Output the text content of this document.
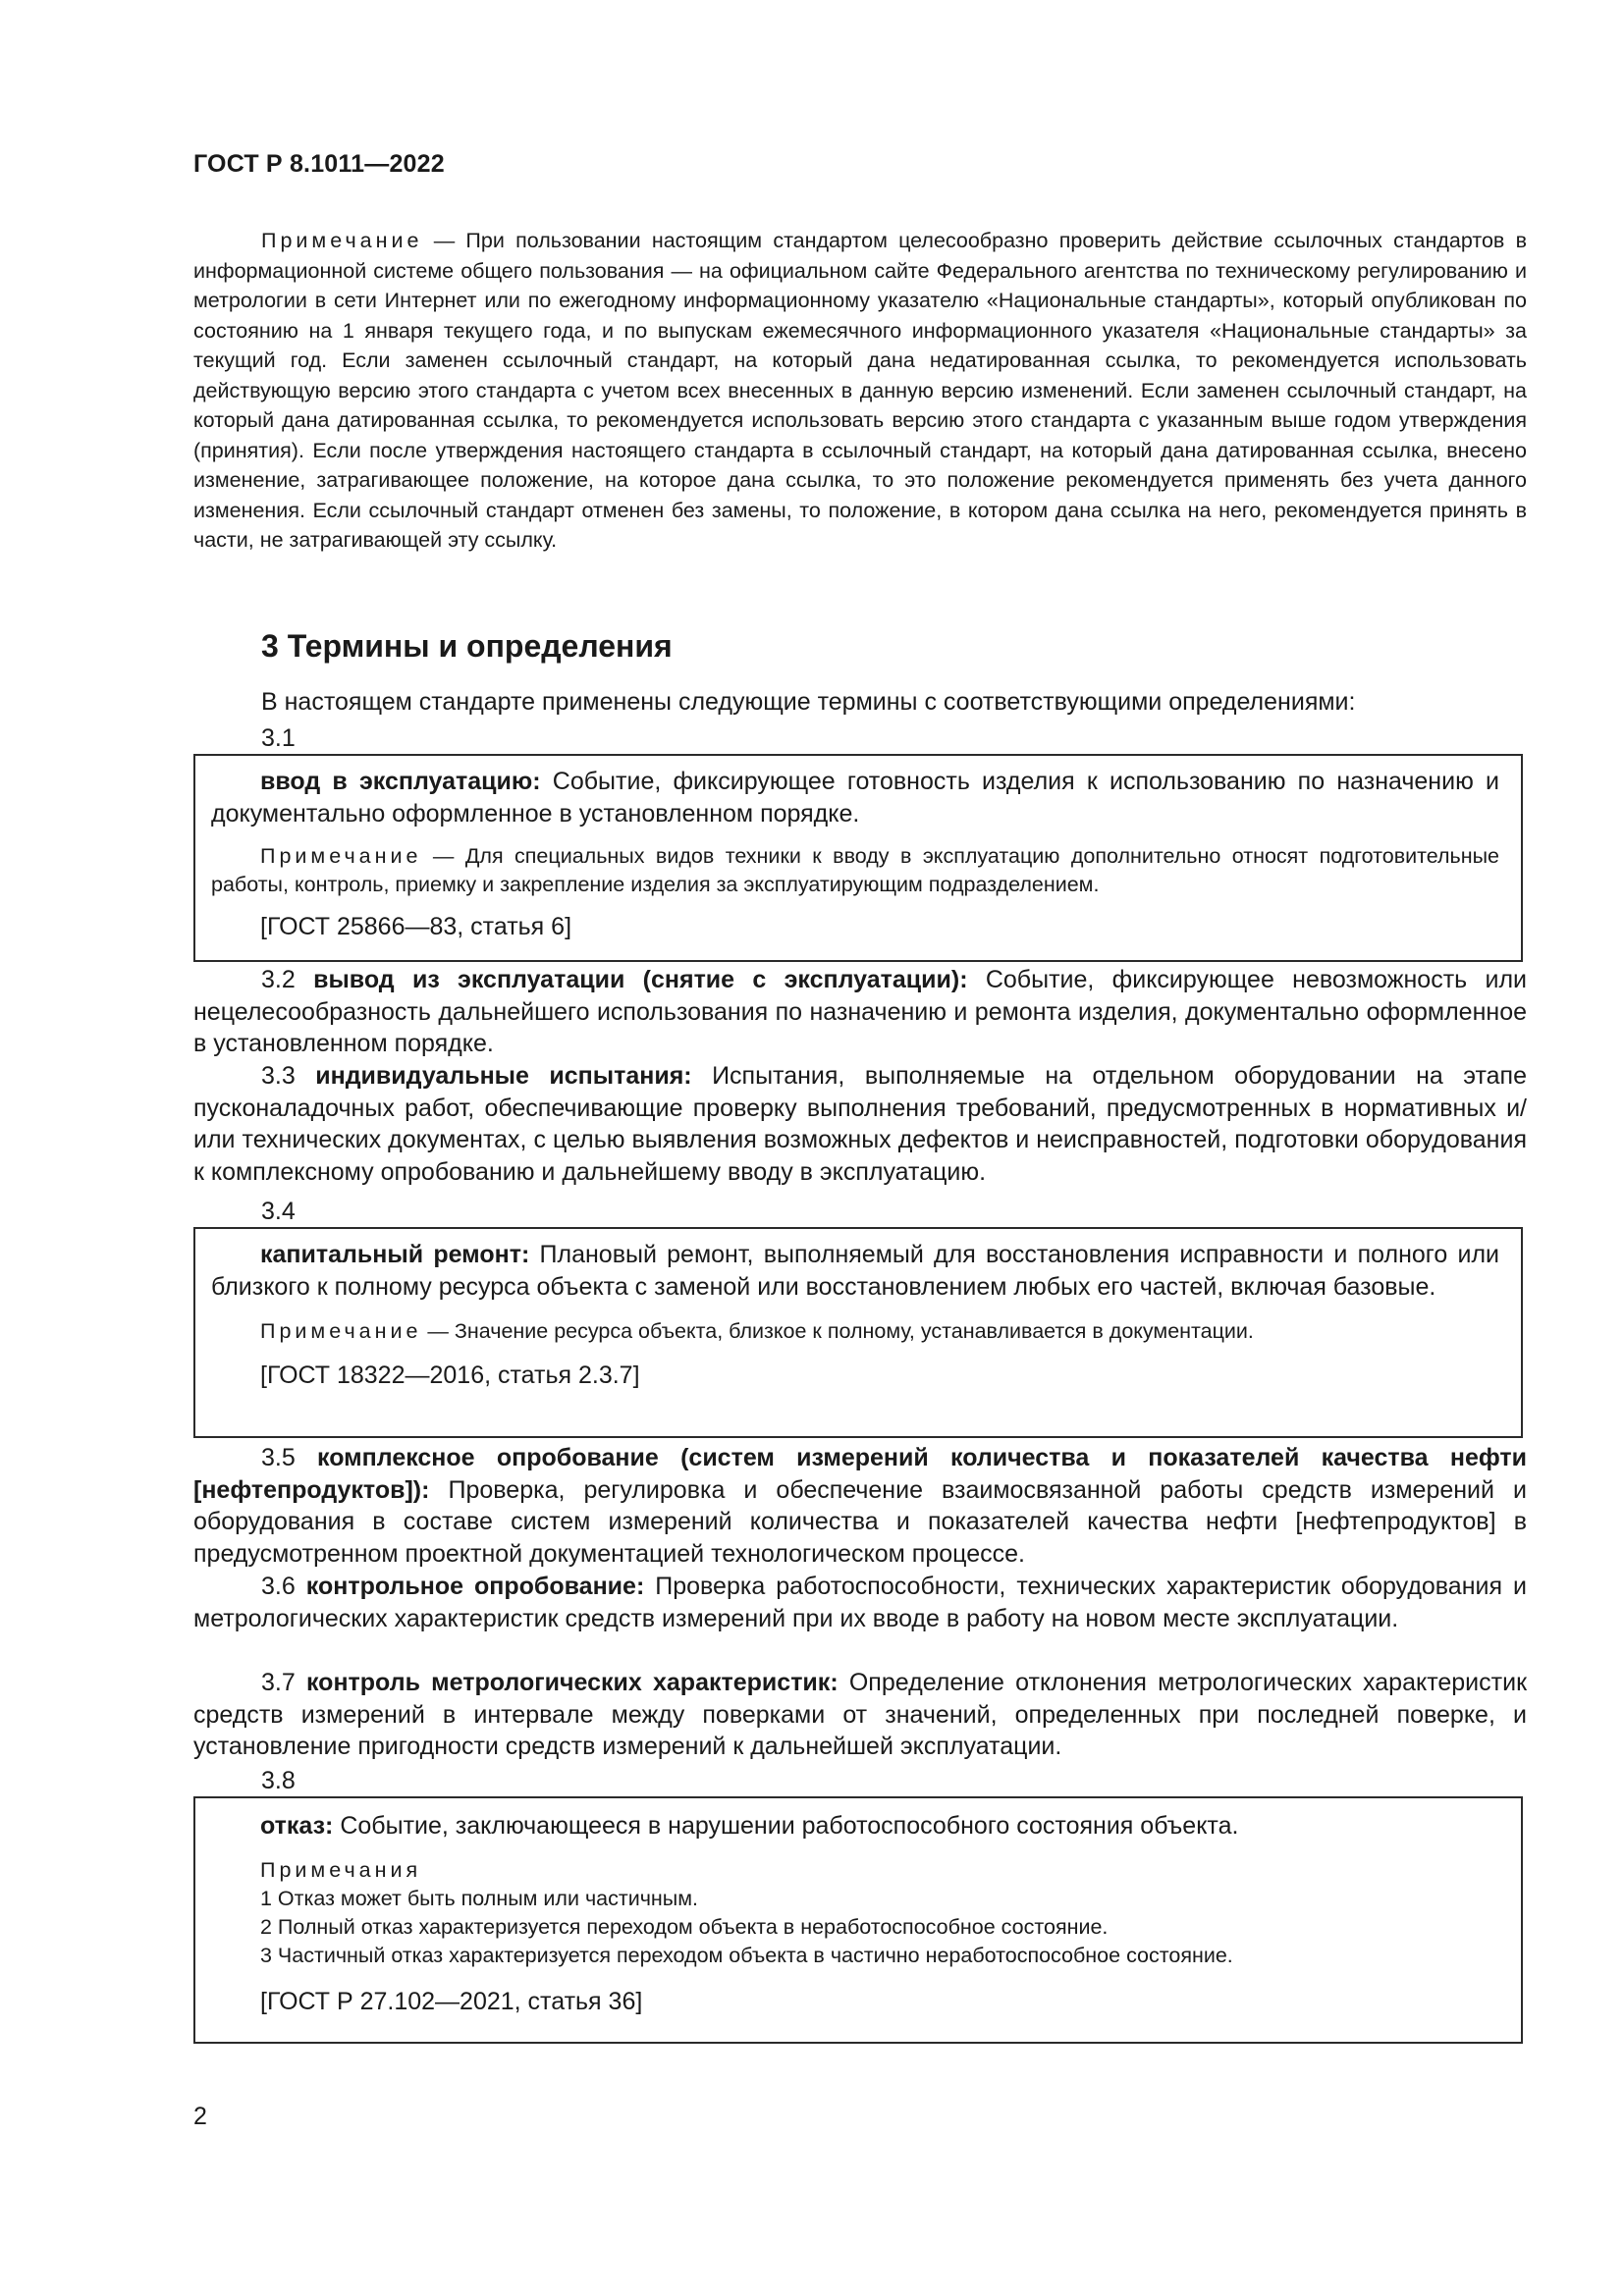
ГОСТ Р 8.1011—2022
Примечание — При пользовании настоящим стандартом целесообразно проверить действие ссылочных стандартов в информационной системе общего пользования — на официальном сайте Федерального агентства по техническому регулированию и метрологии в сети Интернет или по ежегодному информационному указателю «Национальные стандарты», который опубликован по состоянию на 1 января текущего года, и по выпускам ежемесячного информационного указателя «Национальные стандарты» за текущий год. Если заменен ссылочный стандарт, на который дана недатированная ссылка, то рекомендуется использовать действующую версию этого стандарта с учетом всех внесенных в данную версию изменений. Если заменен ссылочный стандарт, на который дана датированная ссылка, то рекомендуется использовать версию этого стандарта с указанным выше годом утверждения (принятия). Если после утверждения настоящего стандарта в ссылочный стандарт, на который дана датированная ссылка, внесено изменение, затрагивающее положение, на которое дана ссылка, то это положение рекомендуется применять без учета данного изменения. Если ссылочный стандарт отменен без замены, то положение, в котором дана ссылка на него, рекомендуется принять в части, не затрагивающей эту ссылку.
3 Термины и определения
В настоящем стандарте применены следующие термины с соответствующими определениями:
3.1
ввод в эксплуатацию: Событие, фиксирующее готовность изделия к использованию по назначению и документально оформленное в установленном порядке.
Примечание — Для специальных видов техники к вводу в эксплуатацию дополнительно относят подготовительные работы, контроль, приемку и закрепление изделия за эксплуатирующим подразделением.
[ГОСТ 25866—83, статья 6]
3.2 вывод из эксплуатации (снятие с эксплуатации): Событие, фиксирующее невозможность или нецелесообразность дальнейшего использования по назначению и ремонта изделия, документально оформленное в установленном порядке.
3.3 индивидуальные испытания: Испытания, выполняемые на отдельном оборудовании на этапе пусконаладочных работ, обеспечивающие проверку выполнения требований, предусмотренных в нормативных и/или технических документах, с целью выявления возможных дефектов и неисправностей, подготовки оборудования к комплексному опробованию и дальнейшему вводу в эксплуатацию.
3.4
капитальный ремонт: Плановый ремонт, выполняемый для восстановления исправности и полного или близкого к полному ресурса объекта с заменой или восстановлением любых его частей, включая базовые.
Примечание — Значение ресурса объекта, близкое к полному, устанавливается в документации.
[ГОСТ 18322—2016, статья 2.3.7]
3.5 комплексное опробование (систем измерений количества и показателей качества нефти [нефтепродуктов]): Проверка, регулировка и обеспечение взаимосвязанной работы средств измерений и оборудования в составе систем измерений количества и показателей качества нефти [нефтепродуктов] в предусмотренном проектной документацией технологическом процессе.
3.6 контрольное опробование: Проверка работоспособности, технических характеристик оборудования и метрологических характеристик средств измерений при их вводе в работу на новом месте эксплуатации.
3.7 контроль метрологических характеристик: Определение отклонения метрологических характеристик средств измерений в интервале между поверками от значений, определенных при последней поверке, и установление пригодности средств измерений к дальнейшей эксплуатации.
3.8
отказ: Событие, заключающееся в нарушении работоспособного состояния объекта.
Примечания
1 Отказ может быть полным или частичным.
2 Полный отказ характеризуется переходом объекта в неработоспособное состояние.
3 Частичный отказ характеризуется переходом объекта в частично неработоспособное состояние.
[ГОСТ Р 27.102—2021, статья 36]
2
